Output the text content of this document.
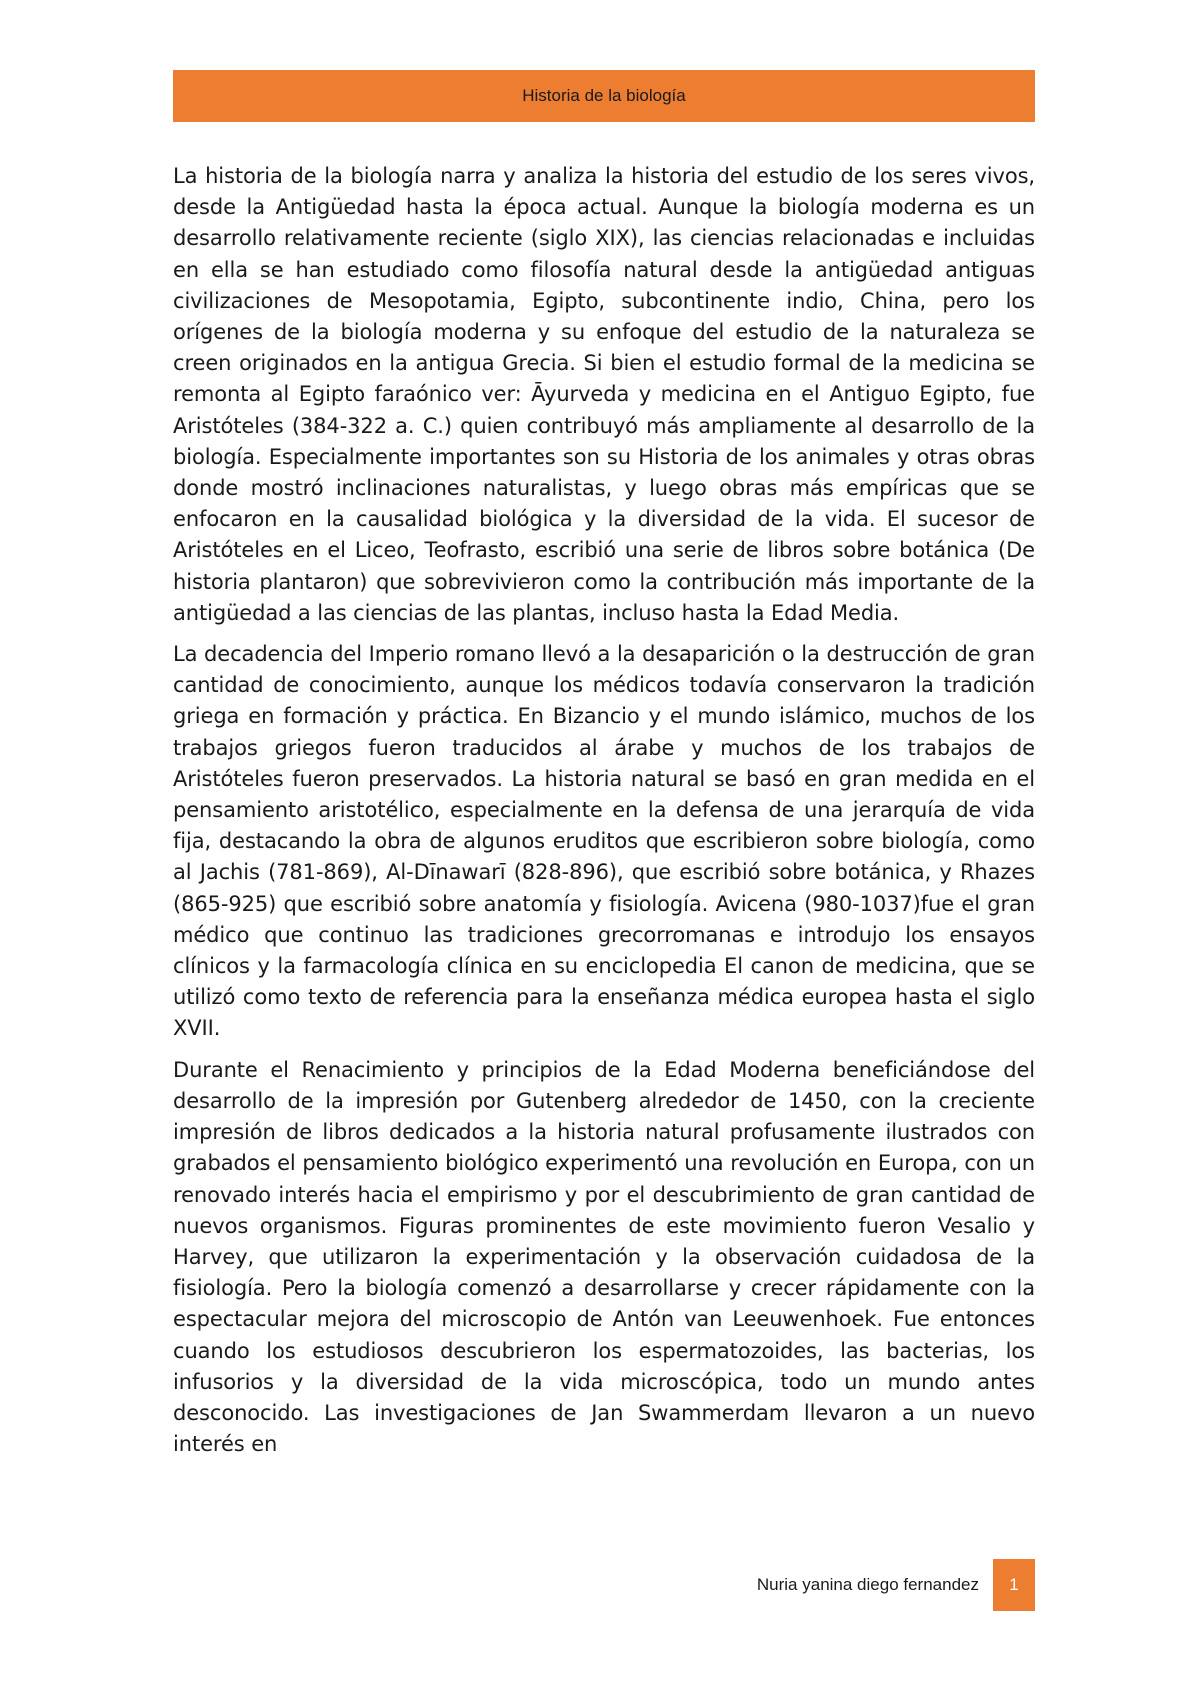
Historia de la biología

La historia de la biología narra y analiza la historia del estudio de los seres vivos, desde la Antigüedad hasta la época actual. Aunque la biología moderna es un desarrollo relativamente reciente (siglo XIX), las ciencias relacionadas e incluidas en ella se han estudiado como filosofía natural desde la antigüedad antiguas civilizaciones de Mesopotamia, Egipto, subcontinente indio, China, pero los orígenes de la biología moderna y su enfoque del estudio de la naturaleza se creen originados en la antigua Grecia. Si bien el estudio formal de la medicina se remonta al Egipto faraónico ver: Āyurveda y medicina en el Antiguo Egipto, fue Aristóteles (384-322 a. C.) quien contribuyó más ampliamente al desarrollo de la biología. Especialmente importantes son su Historia de los animales y otras obras donde mostró inclinaciones naturalistas, y luego obras más empíricas que se enfocaron en la causalidad biológica y la diversidad de la vida. El sucesor de Aristóteles en el Liceo, Teofrasto, escribió una serie de libros sobre botánica (De historia plantaron) que sobrevivieron como la contribución más importante de la antigüedad a las ciencias de las plantas, incluso hasta la Edad Media.

La decadencia del Imperio romano llevó a la desaparición o la destrucción de gran cantidad de conocimiento, aunque los médicos todavía conservaron la tradición griega en formación y práctica. En Bizancio y el mundo islámico, muchos de los trabajos griegos fueron traducidos al árabe y muchos de los trabajos de Aristóteles fueron preservados. La historia natural se basó en gran medida en el pensamiento aristotélico, especialmente en la defensa de una jerarquía de vida fija, destacando la obra de algunos eruditos que escribieron sobre biología, como al Jachis (781-869), Al-Dīnawarī (828-896), que escribió sobre botánica, y Rhazes (865-925) que escribió sobre anatomía y fisiología. Avicena (980-1037)fue el gran médico que continuo las tradiciones grecorromanas e introdujo los ensayos clínicos y la farmacología clínica en su enciclopedia El canon de medicina, que se utilizó como texto de referencia para la enseñanza médica europea hasta el siglo XVII.

Durante el Renacimiento y principios de la Edad Moderna beneficiándose del desarrollo de la impresión por Gutenberg alrededor de 1450, con la creciente impresión de libros dedicados a la historia natural profusamente ilustrados con grabados el pensamiento biológico experimentó una revolución en Europa, con un renovado interés hacia el empirismo y por el descubrimiento de gran cantidad de nuevos organismos. Figuras prominentes de este movimiento fueron Vesalio y Harvey, que utilizaron la experimentación y la observación cuidadosa de la fisiología. Pero la biología comenzó a desarrollarse y crecer rápidamente con la espectacular mejora del microscopio de Antón van Leeuwenhoek. Fue entonces cuando los estudiosos descubrieron los espermatozoides, las bacterias, los infusorios y la diversidad de la vida microscópica, todo un mundo antes desconocido. Las investigaciones de Jan Swammerdam llevaron a un nuevo interés en

Nuria yanina diego fernandez 1
